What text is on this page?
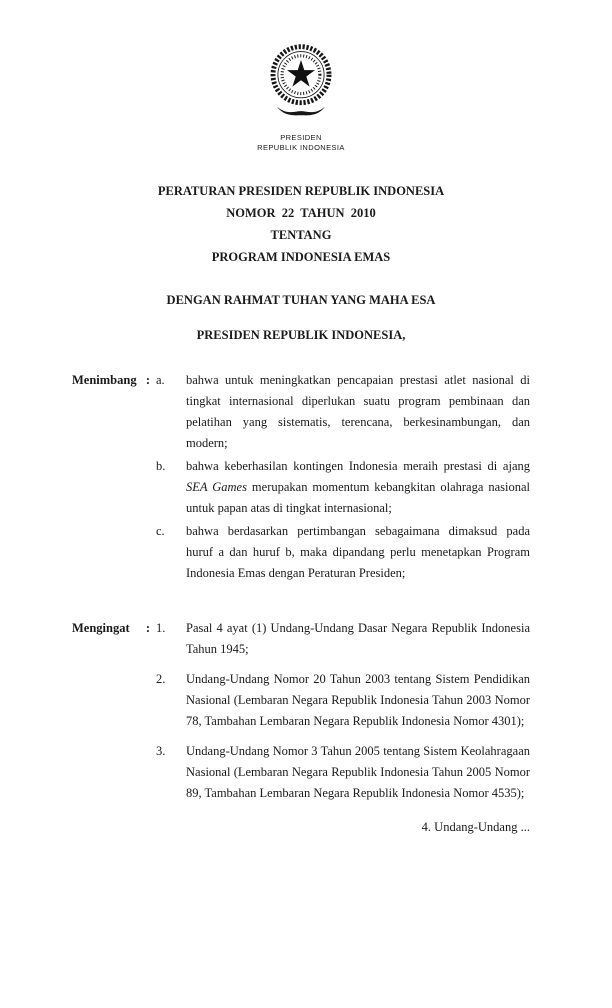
PRESIDEN
REPUBLIK INDONESIA
PERATURAN PRESIDEN REPUBLIK INDONESIA
NOMOR  22  TAHUN  2010
TENTANG
PROGRAM INDONESIA EMAS
DENGAN RAHMAT TUHAN YANG MAHA ESA
PRESIDEN REPUBLIK INDONESIA,
Menimbang : a.	bahwa untuk meningkatkan pencapaian prestasi atlet nasional di tingkat internasional diperlukan suatu program pembinaan dan pelatihan yang sistematis, terencana, berkesinambungan, dan modern;
b.	bahwa keberhasilan kontingen Indonesia meraih prestasi di ajang SEA Games merupakan momentum kebangkitan olahraga nasional untuk papan atas di tingkat internasional;
c.	bahwa berdasarkan pertimbangan sebagaimana dimaksud pada huruf a dan huruf b, maka dipandang perlu menetapkan Program Indonesia Emas dengan Peraturan Presiden;
Mengingat : 1.	Pasal 4 ayat (1) Undang-Undang Dasar Negara Republik Indonesia Tahun 1945;
2.	Undang-Undang Nomor 20 Tahun 2003 tentang Sistem Pendidikan Nasional (Lembaran Negara Republik Indonesia Tahun 2003 Nomor 78, Tambahan Lembaran Negara Republik Indonesia Nomor 4301);
3.	Undang-Undang Nomor 3 Tahun 2005 tentang Sistem Keolahragaan Nasional (Lembaran Negara Republik Indonesia Tahun 2005 Nomor 89, Tambahan Lembaran Negara Republik Indonesia Nomor 4535);
4. Undang-Undang ...
